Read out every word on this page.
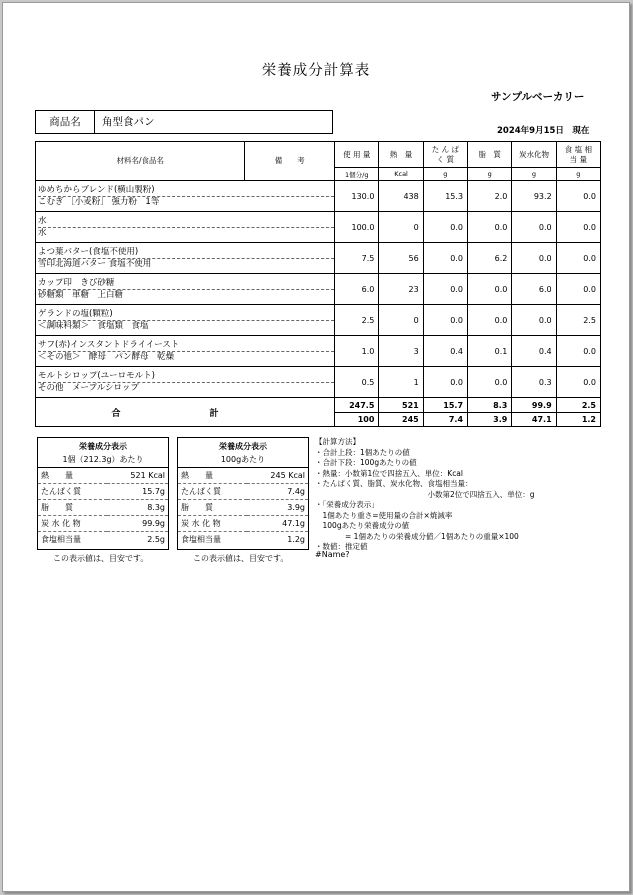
栄養成分計算表
サンプルベーカリー
商品名	角型食パン
2024年9月15日　現在
材料名/食品名	備　　考	使 用 量	熱　量	た ん ぱ く 質	脂　質	炭水化物	食 塩 相 当 量
		1個分/g	Kcal	g	g	g	g

ゆめちからブレンド(横山製粉)
こむぎ ［小麦粉］ 強力粉　1等		130.0	438	15.3	2.0	93.2	0.0

水
水		100.0	0	0.0	0.0	0.0	0.0

よつ葉バター(食塩不使用)
雪印北海道バター 食塩不使用		7.5	56	0.0	6.2	0.0	0.0

カップ印　きび砂糖
砂糖類　車糖　上白糖		6.0	23	0.0	0.0	6.0	0.0

ゲランドの塩(顆粒)
＜調味料類＞　食塩類　食塩		2.5	0	0.0	0.0	0.0	2.5

サフ(赤)インスタントドライイースト
＜その他＞　酵母　パン酵母　乾燥		1.0	3	0.4	0.1	0.4	0.0

モルトシロップ(ユーロモルト)
その他　メープルシロップ		0.5	1	0.0	0.0	0.3	0.0
合　計		247.5	521	15.7	8.3	99.9	2.5
		100	245	7.4	3.9	47.1	1.2
栄養成分表示
1個（212.3g）あたり
熱　　量	521 Kcal
たんぱく質	15.7g
脂　　質	8.3g
炭 水 化 物	99.9g
食塩相当量	2.5g
この表示値は、目安です。
栄養成分表示
100gあたり
熱　　量	245 Kcal
たんぱく質	7.4g
脂　　質	3.9g
炭 水 化 物	47.1g
食塩相当量	1.2g
この表示値は、目安です。
【計算方法】
・合計上段：1個あたりの値
・合計下段：100gあたりの値
・熱量：小数第1位で四捨五入、単位：Kcal
・たんぱく質、脂質、炭水化物、食塩相当量：
　　　　　　　　　　　　　　　小数第2位で四捨五入、単位：g
・「栄養成分表示」
　1個あたり重さ=使用量の合計×焼減率
　100gあたり栄養成分の値
　　　　= 1個あたりの栄養成分値／1個あたりの重量×100
・数値：推定値
#Name?
